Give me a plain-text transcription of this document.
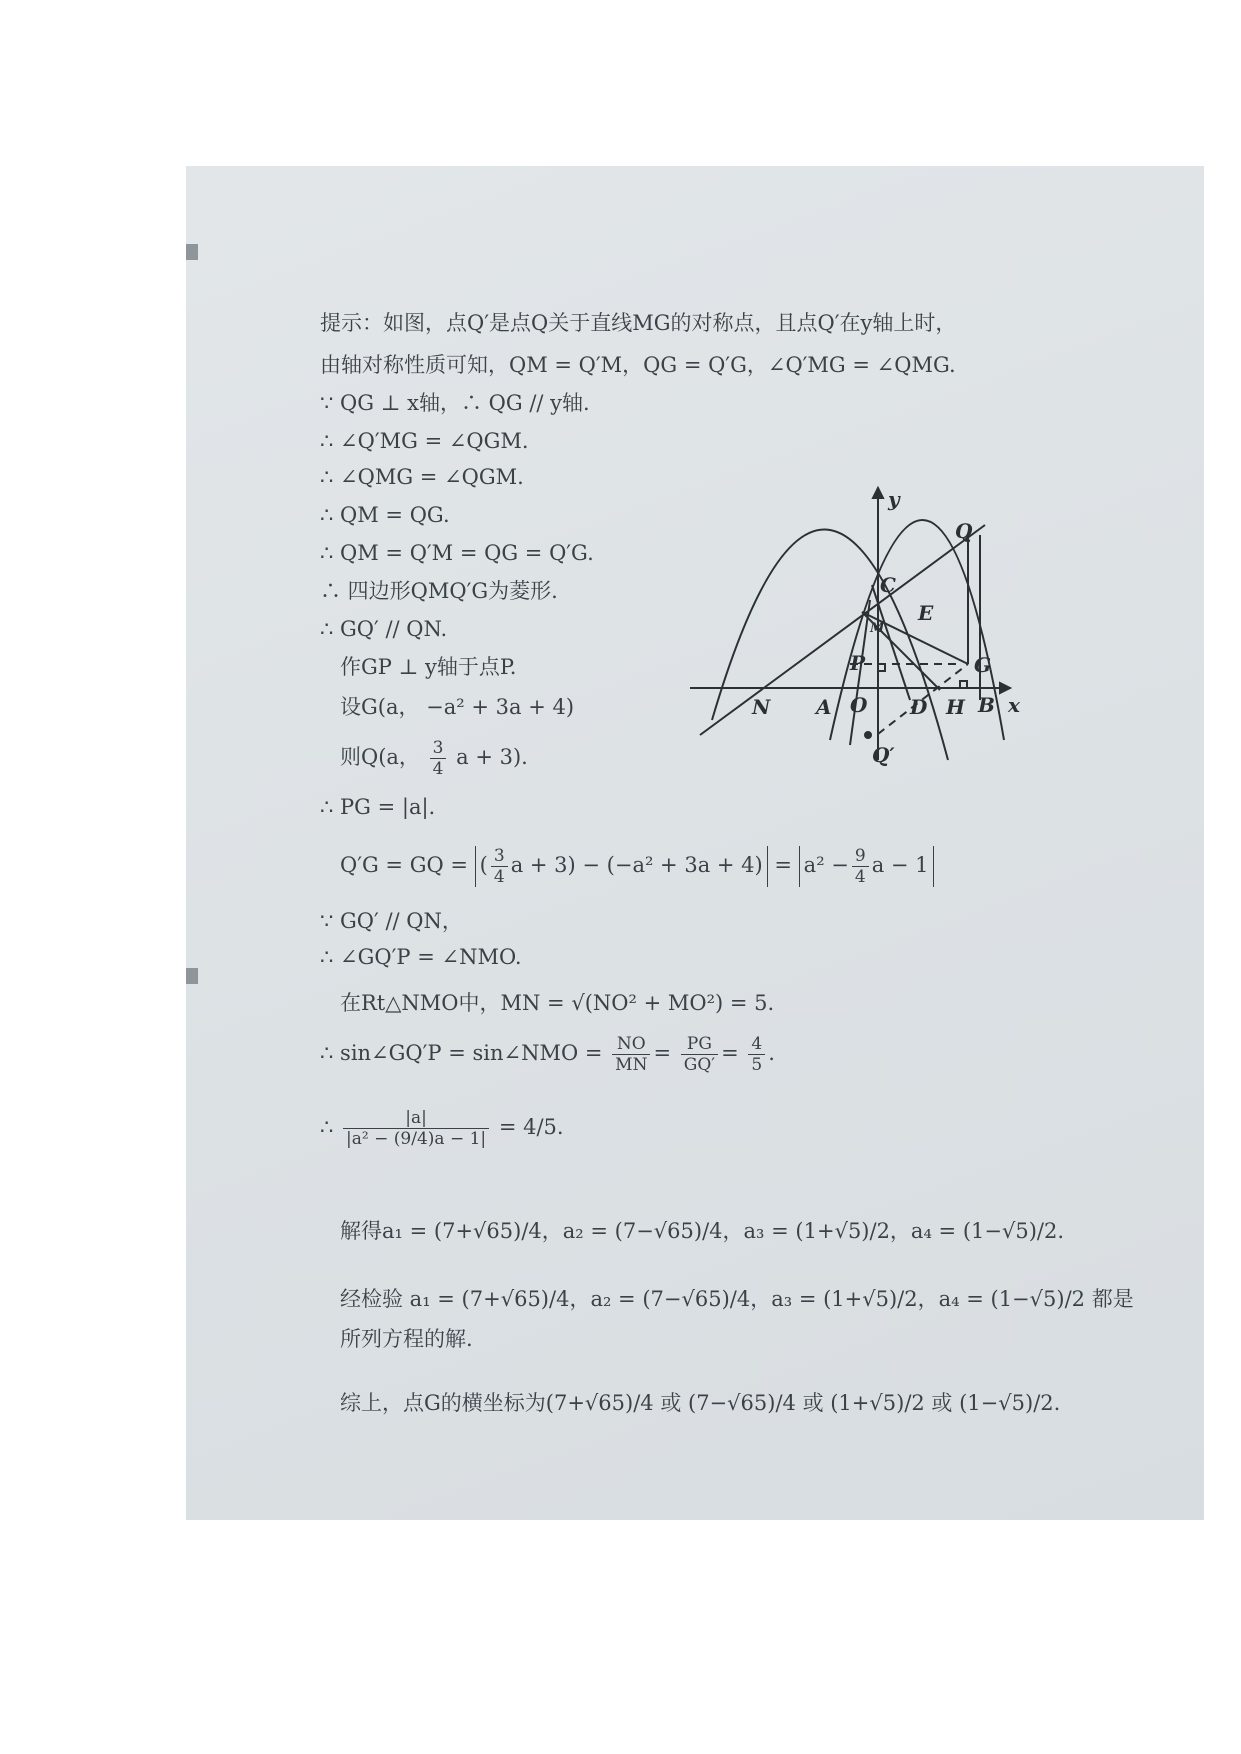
提示：如图，点Q′是点Q关于直线MG的对称点，且点Q′在y轴上时，
由轴对称性质可知，QM = Q′M，QG = Q′G，∠Q′MG = ∠QMG.
∵ QG ⊥ x轴，∴ QG // y轴.
∴ ∠Q′MG = ∠QGM.
∴ ∠QMG = ∠QGM.
∴ QM = QG.
∴ QM = Q′M = QG = Q′G.
∴ 四边形QMQ′G为菱形.
∴ GQ′ // QN.
作GP ⊥ y轴于点P.
设G(a， −a² + 3a + 4)
则Q(a， $\frac{3}{4}$ a + 3).
∴ PG = |a|.
Q′G = GQ = ( $\frac{3}{4}$ $a + 3) - (-a^2 + 3a + 4) = a^2 - \frac{9}{4}$ a − 1
∵ GQ′ // QN，
∴ ∠GQ′P = ∠NMO.
在Rt△NMO中，MN = √(NO² + MO²) = 5.
∴ sin∠GQ′P = sin∠NMO = $\frac{NO}{MN} = \frac{PG}{GQ'} = \frac{4}{5}$ .
∴ $\frac{|a|}{\text{|a² − (9/4)a − 1|}} = 4/5$.
解得a₁ = (7+√65)/4，a₂ = (7−√65)/4，a₃ = (1+√5)/2，a₄ = (1−√5)/2.
经检验 a₁ = (7+√65)/4，a₂ = (7−√65)/4，a₃ = (1+√5)/2，a₄ = (1−√5)/2 都是
所列方程的解.
综上，点G的横坐标为(7+√65)/4 或 (7−√65)/4 或 (1+√5)/2 或 (1−√5)/2.
y
x
Q
C
E
M
P	G
N A O D H B
Q′
